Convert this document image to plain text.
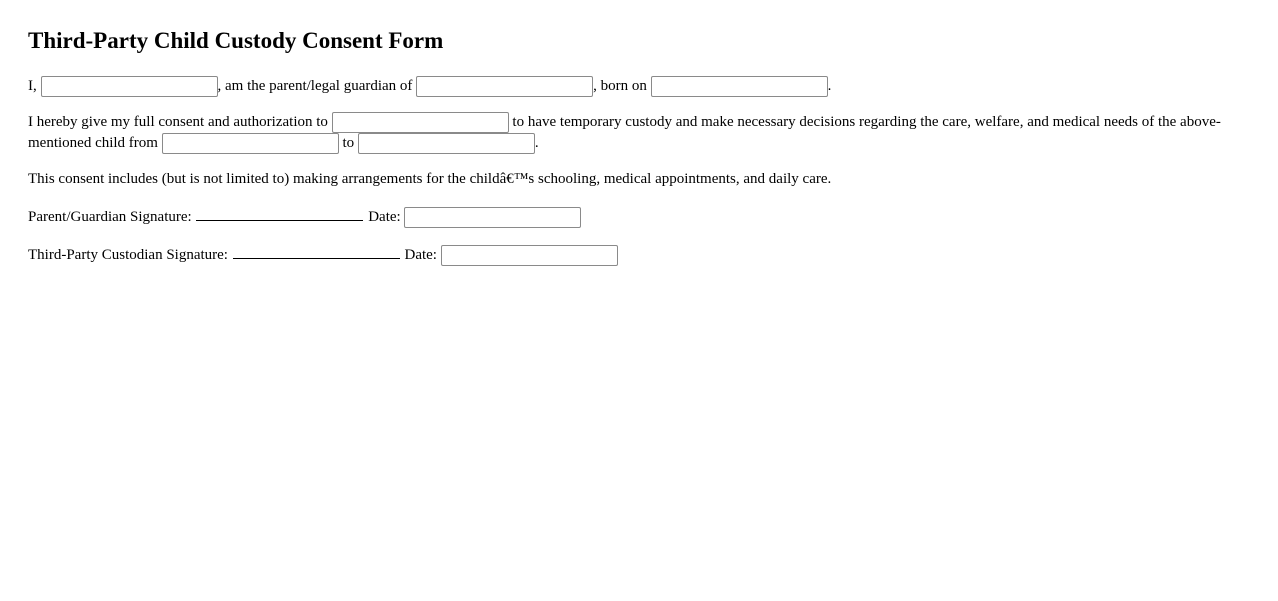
Third-Party Child Custody Consent Form

I,	, am the parent/legal guardian of	, born on	.

I hereby give my full consent and authorization to	to have temporary custody and make necessary decisions regarding the care, welfare, and medical needs of the above-mentioned child from	to	.

This consent includes (but is not limited to) making arrangements for the childâ€™s schooling, medical appointments, and daily care.

Parent/Guardian Signature:	Date:

Third-Party Custodian Signature:	Date:
